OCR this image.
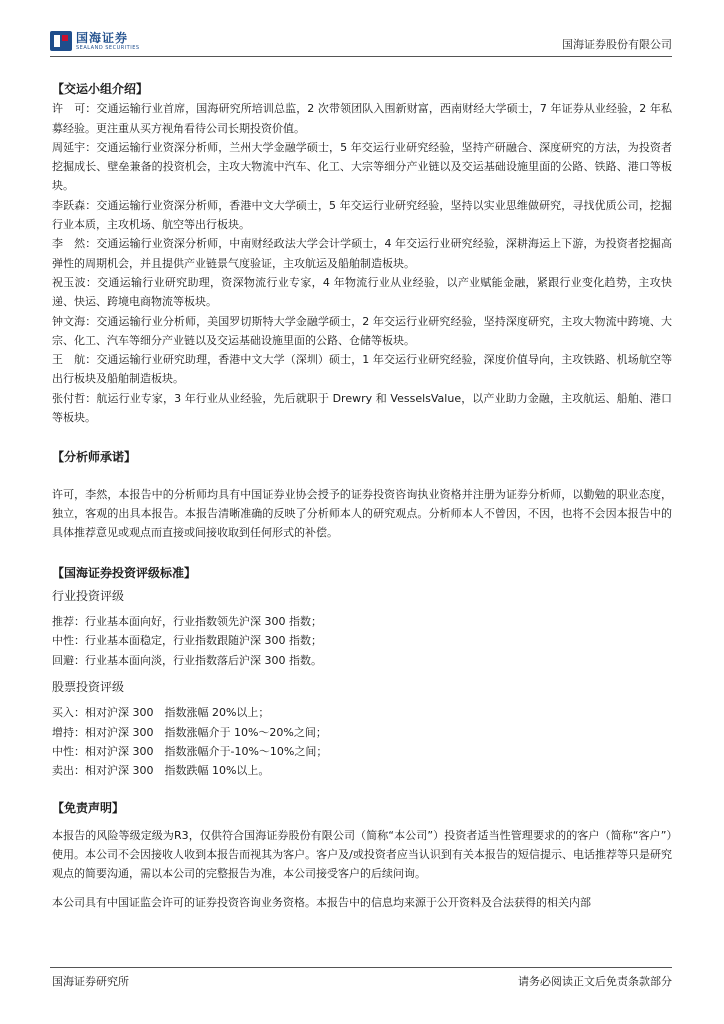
国海证券
SEALAND SECURITIES	国海证券股份有限公司
【交运小组介绍】
许　可：交通运输行业首席，国海研究所培训总监，2 次带领团队入围新财富，西南财经大学硕士，7 年证券从业经验，2 年私募经验。更注重从买方视角看待公司长期投资价值。
周延宇：交通运输行业资深分析师，兰州大学金融学硕士，5 年交运行业研究经验，坚持产研融合、深度研究的方法，为投资者挖掘成长、壁垒兼备的投资机会，主攻大物流中汽车、化工、大宗等细分产业链以及交运基础设施里面的公路、铁路、港口等板块。
李跃森：交通运输行业资深分析师，香港中文大学硕士，5 年交运行业研究经验，坚持以实业思维做研究，寻找优质公司，挖掘行业本质，主攻机场、航空等出行板块。
李　然：交通运输行业资深分析师，中南财经政法大学会计学硕士，4 年交运行业研究经验，深耕海运上下游，为投资者挖掘高弹性的周期机会，并且提供产业链景气度验证，主攻航运及船舶制造板块。
祝玉波：交通运输行业研究助理，资深物流行业专家，4 年物流行业从业经验，以产业赋能金融，紧跟行业变化趋势，主攻快递、快运、跨境电商物流等板块。
钟文海：交通运输行业分析师，美国罗切斯特大学金融学硕士，2 年交运行业研究经验，坚持深度研究，主攻大物流中跨境、大宗、化工、汽车等细分产业链以及交运基础设施里面的公路、仓储等板块。
王　航：交通运输行业研究助理，香港中文大学（深圳）硕士，1 年交运行业研究经验，深度价值导向，主攻铁路、机场航空等出行板块及船舶制造板块。
张付哲：航运行业专家，3 年行业从业经验，先后就职于 Drewry 和 VesselsValue，以产业助力金融，主攻航运、船舶、港口等板块。
【分析师承诺】
许可，李然，本报告中的分析师均具有中国证券业协会授予的证券投资咨询执业资格并注册为证券分析师，以勤勉的职业态度，独立，客观的出具本报告。本报告清晰准确的反映了分析师本人的研究观点。分析师本人不曾因，不因，也将不会因本报告中的具体推荐意见或观点而直接或间接收取到任何形式的补偿。
【国海证券投资评级标准】
行业投资评级
推荐：行业基本面向好，行业指数领先沪深 300 指数；
中性：行业基本面稳定，行业指数跟随沪深 300 指数；
回避：行业基本面向淡，行业指数落后沪深 300 指数。
股票投资评级
买入：相对沪深 300　指数涨幅 20%以上；
增持：相对沪深 300　指数涨幅介于 10%～20%之间；
中性：相对沪深 300　指数涨幅介于-10%～10%之间；
卖出：相对沪深 300　指数跌幅 10%以上。
【免责声明】
本报告的风险等级定级为R3，仅供符合国海证券股份有限公司（简称“本公司”）投资者适当性管理要求的的客户（简称“客户”）使用。本公司不会因接收人收到本报告而视其为客户。客户及/或投资者应当认识到有关本报告的短信提示、电话推荐等只是研究观点的简要沟通，需以本公司的完整报告为准，本公司接受客户的后续问询。
本公司具有中国证监会许可的证券投资咨询业务资格。本报告中的信息均来源于公开资料及合法获得的相关内部
国海证券研究所	请务必阅读正文后免责条款部分
